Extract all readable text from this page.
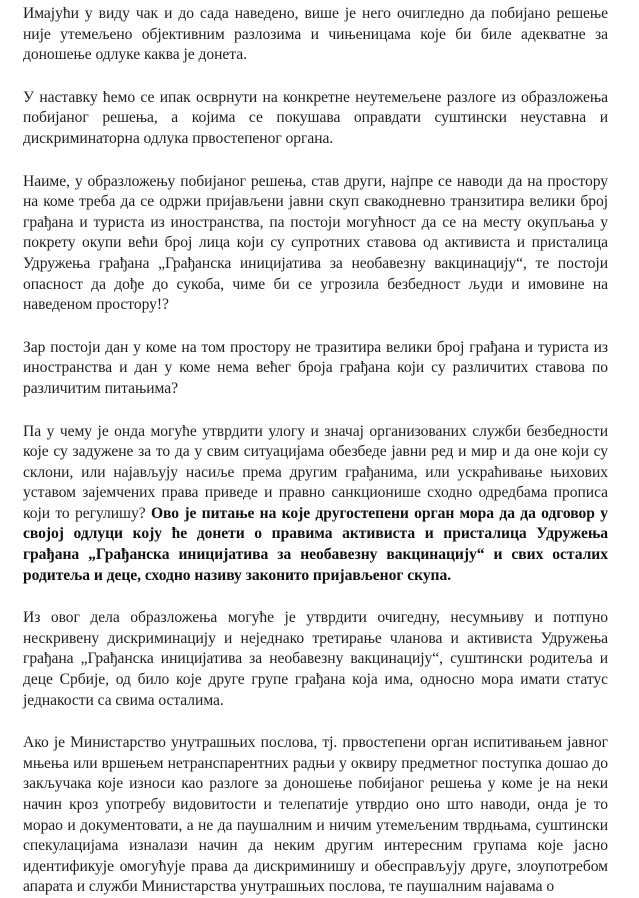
Имајући у виду чак и до сада наведено, више је него очигледно да побијано решење није утемељено објективним разлозима и чињеницама које би биле адекватне за доношење одлуке каква је донета.

У наставку ћемо се ипак осврнути на конкретне неутемељене разлоге из образложења побијаног решења, а којима се покушава оправдати суштински неуставна и дискриминаторна одлука првостепеног органа.

Наиме, у образложењу побијаног решења, став други, најпре се наводи да на простору на коме треба да се одржи пријављени јавни скуп свакодневно транзитира велики број грађана и туриста из иностранства, па постоји могућност да се на месту окупљања у покрету окупи већи број лица који су супротних ставова од активиста и присталица Удружења грађана „Грађанска иницијатива за необавезну вакцинацију“, те постоји опасност да дође до сукоба, чиме би се угрозила безбедност људи и имовине на наведеном простору!?

Зар постоји дан у коме на том простору не тразитира велики број грађана и туриста из иностранства и дан у коме нема већег броја грађана који су различитих ставова по различитим питањима?

Па у чему је онда могуће утврдити улогу и значај организованих служби безбедности које су задужене за то да у свим ситуацијама обезбеде јавни ред и мир и да оне који су склони, или најављују насиље према другим грађанима, или ускраћивање њихових уставом зајемчених права приведе и правно санкционише сходно одредбама прописа који то регулишу? Ово је питање на које другостепени орган мора да да одговор у својој одлуци коју ће донети о правима активиста и присталица Удружења грађана „Грађанска иницијатива за необавезну вакцинацију“ и свих осталих родитеља и деце, сходно називу законито пријављеног скупа.

Из овог дела образложења могуће је утврдити очигедну, несумњиву и потпуно нескривену дискриминацију и неједнако третирање чланова и активиста Удружења грађана „Грађанска иницијатива за необавезну вакцинацију“, суштински родитеља и деце Србије, од било које друге групе грађана која има, односно мора имати статус једнакости са свима осталима.

Ако је Министарство унутрашњих послова, тј. првостепени орган испитивањем јавног мњења или вршењем нетранспарентних радњи у оквиру предметног поступка дошао до закључака које износи као разлоге за доношење побијаног решења у коме је на неки начин кроз употребу видовитости и телепатије утврдио оно што наводи, онда је то морао и документовати, а не да паушалним и ничим утемељеним тврдњама, суштински спекулацијама изналази начин да неким другим интересним групама које јасно идентификује омогућује права да дискриминишу и обесправљују друге, злоупотребом апарата и служби Министарства унутрашњих послова, те паушалним најавама о
